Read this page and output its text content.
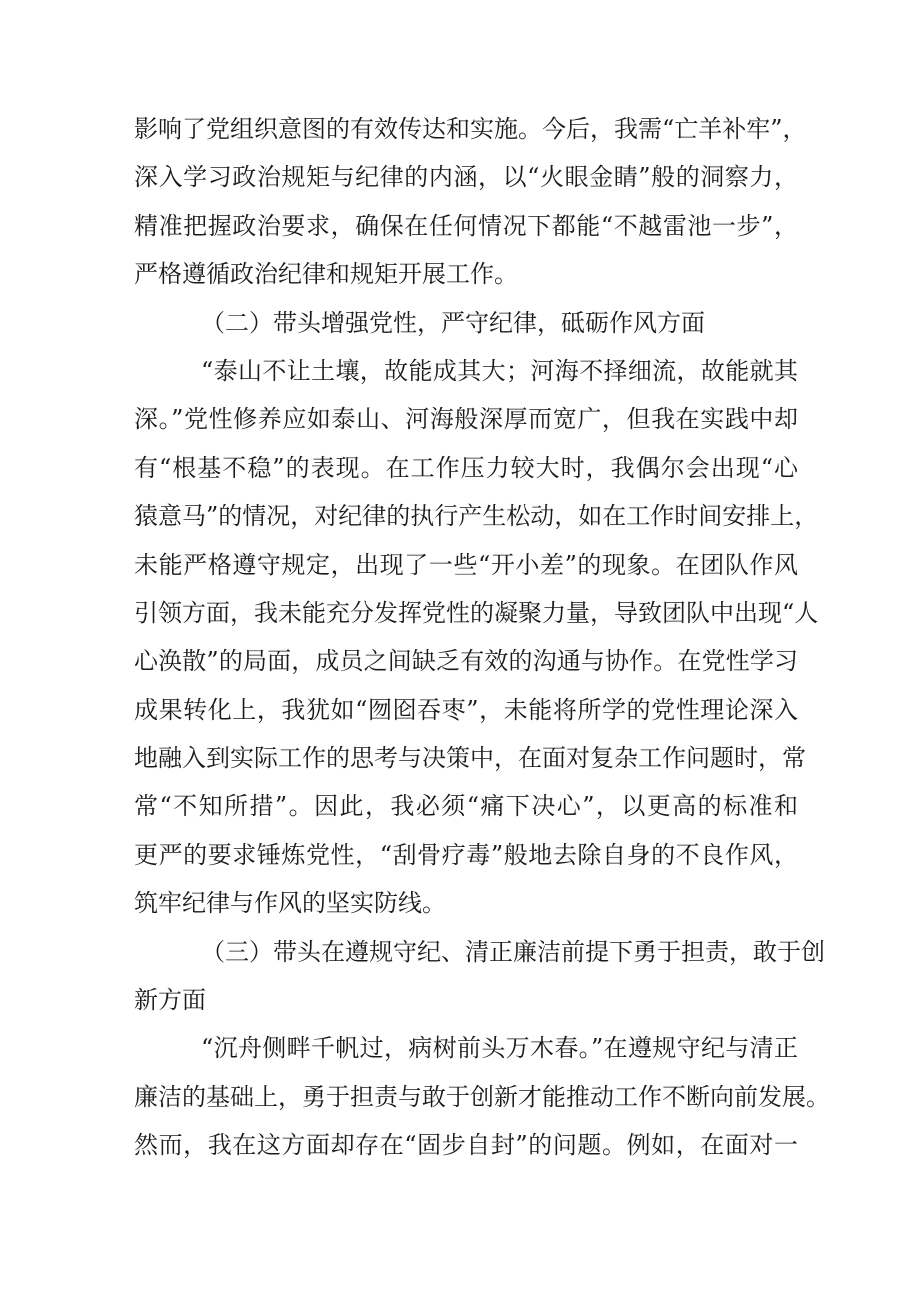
影响了党组织意图的有效传达和实施。今后，我需“亡羊补牢”，
深入学习政治规矩与纪律的内涵，以“火眼金睛”般的洞察力，
精准把握政治要求，确保在任何情况下都能“不越雷池一步”，
严格遵循政治纪律和规矩开展工作。
（二）带头增强党性，严守纪律，砥砺作风方面
“泰山不让土壤，故能成其大；河海不择细流，故能就其
深。”党性修养应如泰山、河海般深厚而宽广，但我在实践中却
有“根基不稳”的表现。在工作压力较大时，我偶尔会出现“心
猿意马”的情况，对纪律的执行产生松动，如在工作时间安排上，
未能严格遵守规定，出现了一些“开小差”的现象。在团队作风
引领方面，我未能充分发挥党性的凝聚力量，导致团队中出现“人
心涣散”的局面，成员之间缺乏有效的沟通与协作。在党性学习
成果转化上，我犹如“囫囵吞枣”，未能将所学的党性理论深入
地融入到实际工作的思考与决策中，在面对复杂工作问题时，常
常“不知所措”。因此，我必须“痛下决心”，以更高的标准和
更严的要求锤炼党性，“刮骨疗毒”般地去除自身的不良作风，
筑牢纪律与作风的坚实防线。
（三）带头在遵规守纪、清正廉洁前提下勇于担责，敢于创
新方面
“沉舟侧畔千帆过，病树前头万木春。”在遵规守纪与清正
廉洁的基础上，勇于担责与敢于创新才能推动工作不断向前发展。
然而，我在这方面却存在“固步自封”的问题。例如，在面对一
